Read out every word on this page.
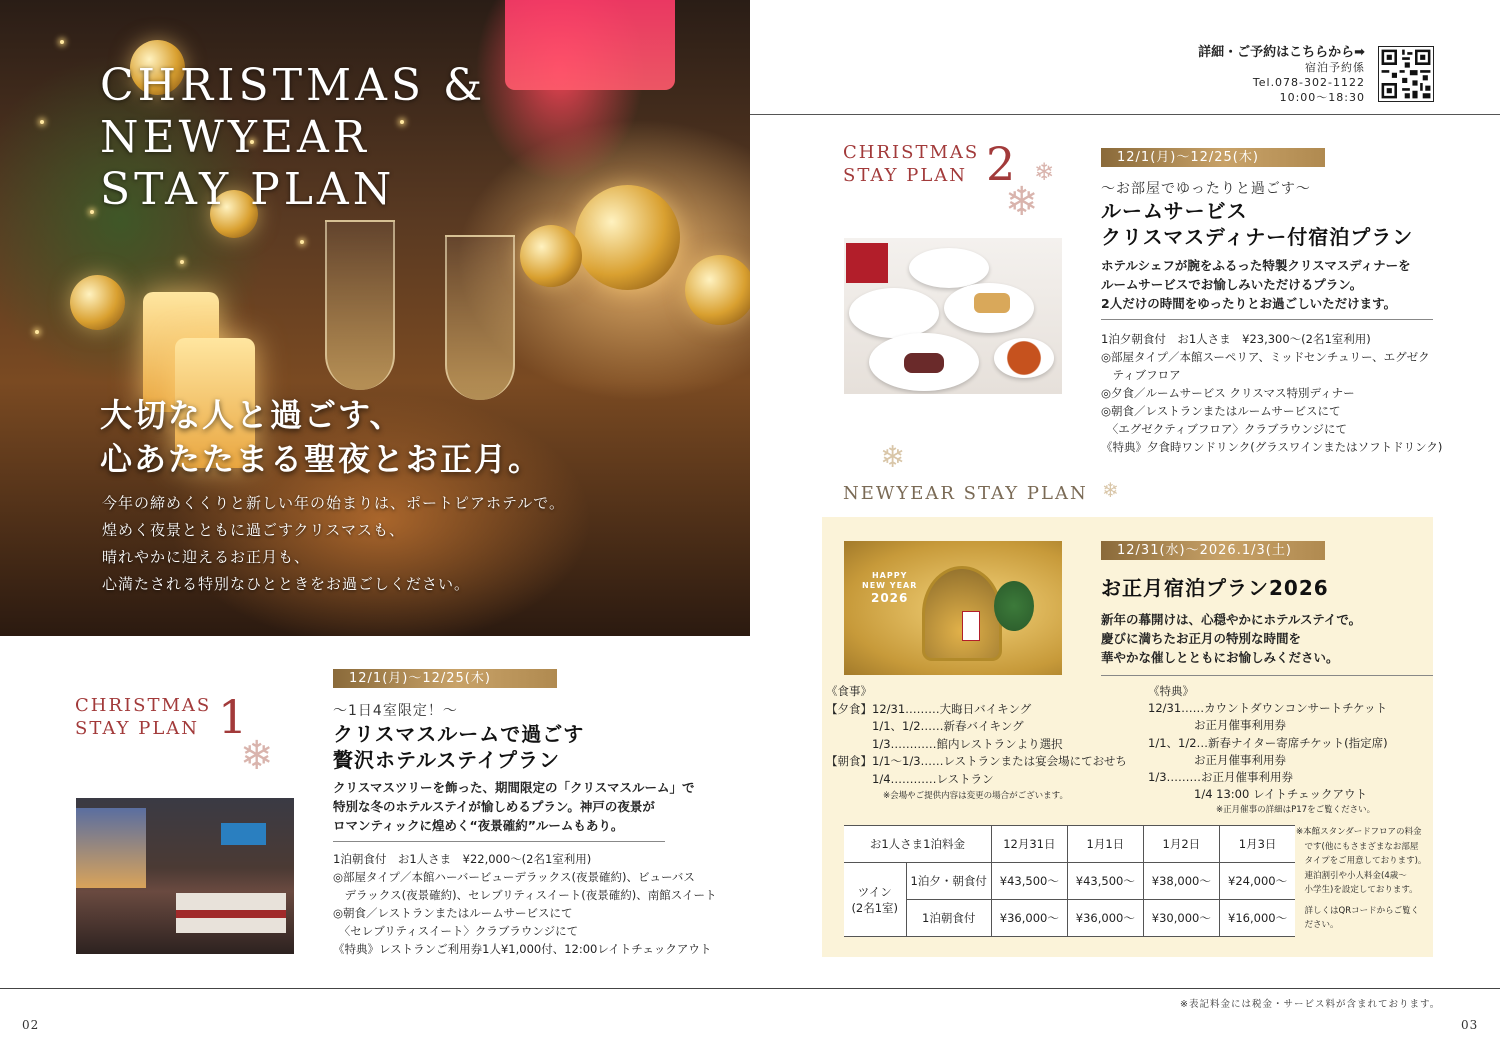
CHRISTMAS &
NEWYEAR
STAY PLAN
大切な人と過ごす、
心あたたまる聖夜とお正月。
今年の締めくくりと新しい年の始まりは、ポートピアホテルで。
煌めく夜景とともに過ごすクリスマスも、
晴れやかに迎えるお正月も、
心満たされる特別なひとときをお過ごしください。
CHRISTMAS
STAY PLAN 1
❄
12/1(月)〜12/25(木)
〜1日4室限定！〜
クリスマスルームで過ごす
贅沢ホテルステイプラン
クリスマスツリーを飾った、期間限定の「クリスマスルーム」で
特別な冬のホテルステイが愉しめるプラン。神戸の夜景が
ロマンティックに煌めく“夜景確約”ルームもあり。
1泊朝食付　お1人さま　¥22,000〜(2名1室利用)
◎部屋タイプ／本館ハーバービューデラックス(夜景確約)、ビューバス
　デラックス(夜景確約)、セレブリティスイート(夜景確約)、南館スイート
◎朝食／レストランまたはルームサービスにて
　〈セレブリティスイート〉クラブラウンジにて
《特典》レストランご利用券1人¥1,000付、12:00レイトチェックアウト
詳細・ご予約はこちらから➡
宿泊予約係
Tel.078-302-1122
10:00〜18:30
CHRISTMAS
STAY PLAN 2 ❄
❄
12/1(月)〜12/25(木)
〜お部屋でゆったりと過ごす〜
ルームサービス
クリスマスディナー付宿泊プラン
ホテルシェフが腕をふるった特製クリスマスディナーを
ルームサービスでお愉しみいただけるプラン。
2人だけの時間をゆったりとお過ごしいただけます。
1泊夕朝食付　お1人さま　¥23,300〜(2名1室利用)
◎部屋タイプ／本館スーペリア、ミッドセンチュリー、エグゼク
　ティブフロア
◎夕食／ルームサービス クリスマス特別ディナー
◎朝食／レストランまたはルームサービスにて
　〈エグゼクティブフロア〉クラブラウンジにて
《特典》夕食時ワンドリンク(グラスワインまたはソフトドリンク)
❄
NEWYEAR STAY PLAN ❄
HAPPY
NEW YEAR
2026
12/31(水)〜2026.1/3(土)
お正月宿泊プラン2026
新年の幕開けは、心穏やかにホテルステイで。
慶びに満ちたお正月の特別な時間を
華やかな催しとともにお愉しみください。
《食事》
【夕食】12/31………大晦日バイキング
　　　　1/1、1/2……新春バイキング
　　　　1/3…………館内レストランより選択
【朝食】1/1〜1/3……レストランまたは宴会場にておせち
　　　　1/4…………レストラン
※会場やご提供内容は変更の場合がございます。
《特典》
12/31……カウントダウンコンサートチケット
　　　　お正月催事利用券
1/1、1/2…新春ナイター寄席チケット(指定席)
　　　　お正月催事利用券
1/3………お正月催事利用券
　　　　1/4 13:00 レイトチェックアウト
※正月催事の詳細はP17をご覧ください。
お1人さま1泊料金		12月31日	1月1日	1月2日	1月3日
ツイン
(2名1室)	1泊夕・朝食付	¥43,500〜	¥43,500〜	¥38,000〜	¥24,000〜
	1泊朝食付	¥36,000〜	¥36,000〜	¥30,000〜	¥16,000〜
※本館スタンダードフロアの料金
　です(他にもさまざまなお部屋
　タイプをご用意しております)。
　連泊割引や小人料金(4歳〜
　小学生)を設定しております。
　詳しくはQRコードからご覧く
　ださい。
※表記料金には税金・サービス料が含まれております。
02	03
